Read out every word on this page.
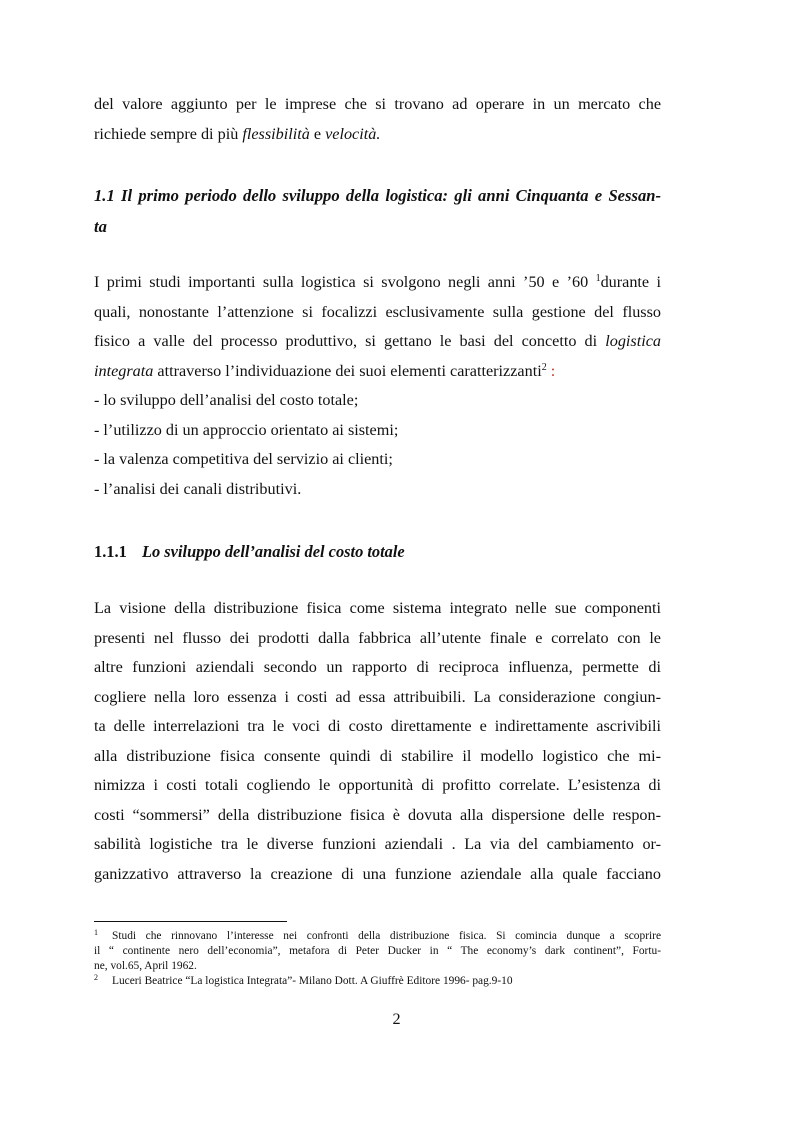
del valore aggiunto per le imprese che si trovano ad operare in un mercato che
richiede sempre di più flessibilità e velocità.
1.1 Il primo periodo dello sviluppo della logistica: gli anni Cinquanta e Sessan-
ta
I primi studi importanti sulla logistica si svolgono negli anni ’50 e ’60 $^1$durante i
quali, nonostante l’attenzione si focalizzi esclusivamente sulla gestione del flusso
fisico a valle del processo produttivo, si gettano le basi del concetto di logistica
integrata attraverso l’individuazione dei suoi elementi caratterizzanti$^2$ :
- lo sviluppo dell’analisi del costo totale;
- l’utilizzo di un approccio orientato ai sistemi;
- la valenza competitiva del servizio ai clienti;
- l’analisi dei canali distributivi.
1.1.1 Lo sviluppo dell’analisi del costo totale
La visione della distribuzione fisica come sistema integrato nelle sue componenti
presenti nel flusso dei prodotti dalla fabbrica all’utente finale e correlato con le
altre funzioni aziendali secondo un rapporto di reciproca influenza, permette di
cogliere nella loro essenza i costi ad essa attribuibili. La considerazione congiun-
ta delle interrelazioni tra le voci di costo direttamente e indirettamente ascrivibili
alla distribuzione fisica consente quindi di stabilire il modello logistico che mi-
nimizza i costi totali cogliendo le opportunità di profitto correlate. L’esistenza di
costi “sommersi” della distribuzione fisica è dovuta alla dispersione delle respon-
sabilità logistiche tra le diverse funzioni aziendali . La via del cambiamento or-
ganizzativo attraverso la creazione di una funzione aziendale alla quale facciano
$^1$ Studi che rinnovano l’interesse nei confronti della distribuzione fisica. Si comincia dunque a scoprire
il “ continente nero dell’economia”, metafora di Peter Ducker in “ The economy’s dark continent”, Fortu-
ne, vol.65, April 1962.
$^2$ Luceri Beatrice “La logistica Integrata”- Milano Dott. A Giuffrè Editore 1996- pag.9-10
2
